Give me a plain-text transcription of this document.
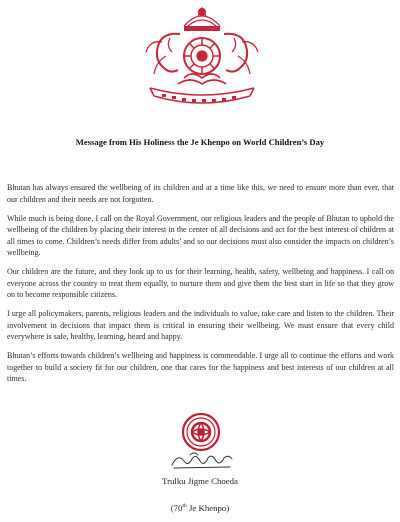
Message from His Holiness the Je Khenpo on World Children’s Day

Bhutan has always ensured the wellbeing of its children and at a time like this, we need to ensure more than ever, that our children and their needs are not forgotten.

While much is being done, I call on the Royal Government, our religious leaders and the people of Bhutan to uphold the wellbeing of the children by placing their interest in the center of all decisions and act for the best interest of children at all times to come. Children’s needs differ from adults’ and so our decisions must also consider the impacts on children’s wellbeing.

Our children are the future, and they look up to us for their learning, health, safety, wellbeing and happiness. I call on everyone across the country to treat them equally, to nurture them and give them the best start in life so that they grow on to become responsible citizens.

I urge all policymakers, parents, religious leaders and the individuals to value, take care and listen to the children. Their involvement in decisions that impact them is critical in ensuring their wellbeing. We must ensure that every child everywhere is safe, healthy, learning, heard and happy.

Bhutan’s efforts towards children’s wellbeing and happiness is commendable. I urge all to continue the efforts and work together to build a society fit for our children, one that cares for the happiness and best interests of our children at all times.

‘
Trulku Jigme Choeda
(70th Je Khenpo)
